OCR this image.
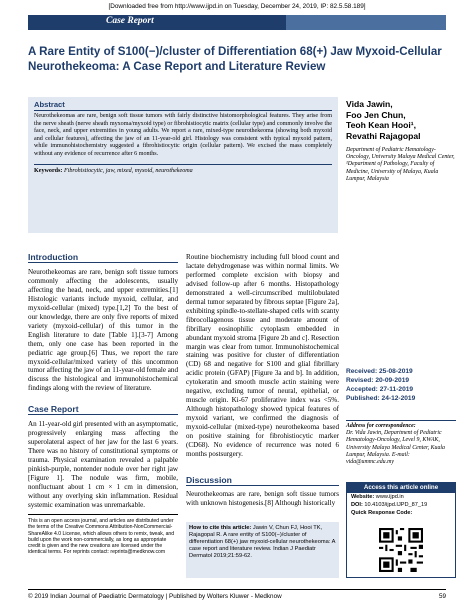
[Downloaded free from http://www.ijpd.in on Tuesday, December 24, 2019, IP: 82.5.58.189]
Case Report
A Rare Entity of S100(−)/cluster of Differentiation 68(+) Jaw Myxoid-Cellular Neurothekeoma: A Case Report and Literature Review
Abstract
Neurothekeomas are rare, benign soft tissue tumors with fairly distinctive histomorphological features. They arise from the nerve sheath (nerve sheath myxoma/myxoid type) or fibrohistiocytic matrix (cellular type) and commonly involve the face, neck, and upper extremities in young adults. We report a rare, mixed-type neurothekeoma (showing both myxoid and cellular features), affecting the jaw of an 11-year-old girl. Histology was consistent with typical myxoid pattern, while immunohistochemistry suggested a fibrohistiocytic origin (cellular pattern). We excised the mass completely without any evidence of recurrence after 6 months.
Keywords: Fibrohistiocytic, jaw, mixed, myxoid, neurothekeoma
Vida Jawin,
Foo Jen Chun,
Teoh Kean Hooi¹,
Revathi Rajagopal
Department of Pediatric Hematology-Oncology, University Malaya Medical Center, ¹Department of Pathology, Faculty of Medicine, University of Malaya, Kuala Lumpur, Malaysia
Received: 25-08-2019
Revised: 20-09-2019
Accepted: 27-11-2019
Published: 24-12-2019
Address for correspondence:
Dr. Vida Jawin, Department of Pediatric Hematology-Oncology, Level 9, KWAK, University Malaya Medical Center, Kuala Lumpur, Malaysia. E-mail: vida@ummc.edu.my
Access this article online
Website: www.ijpd.in
DOI: 10.4103/ijpd.IJPD_87_19
Quick Response Code:
Introduction
Neurothekeomas are rare, benign soft tissue tumors commonly affecting the adolescents, usually affecting the head, neck, and upper extremities.[1] Histologic variants include myxoid, cellular, and myxoid-cellular (mixed) type.[1,2] To the best of our knowledge, there are only five reports of mixed variety (myxoid-cellular) of this tumor in the English literature to date [Table 1].[3-7] Among them, only one case has been reported in the pediatric age group.[6] Thus, we report the rare myxoid-cellular/mixed variety of this uncommon tumor affecting the jaw of an 11-year-old female and discuss the histological and immunohistochemical findings along with the review of literature.
Case Report
An 11-year-old girl presented with an asymptomatic, progressively enlarging mass affecting the superolateral aspect of her jaw for the last 6 years. There was no history of constitutional symptoms or trauma. Physical examination revealed a palpable pinkish-purple, nontender nodule over her right jaw [Figure 1]. The nodule was firm, mobile, nonfluctuant about 1 cm × 1 cm in dimension, without any overlying skin inflammation. Residual systemic examination was unremarkable.
Routine biochemistry including full blood count and lactate dehydrogenase was within normal limits. We performed complete excision with biopsy and advised follow-up after 6 months. Histopathology demonstrated a well-circumscribed multilobulated dermal tumor separated by fibrous septae [Figure 2a], exhibiting spindle-to-stellate-shaped cells with scanty fibrocollagenous tissue and moderate amount of fibrillary eosinophilic cytoplasm embedded in abundant myxoid stroma [Figure 2b and c]. Resection margin was clear from tumor. Immunohistochemical staining was positive for cluster of differentiation (CD) 68 and negative for S100 and glial fibrillary acidic protein (GFAP) [Figure 3a and b]. In addition, cytokeratin and smooth muscle actin staining were negative, excluding tumor of neural, epithelial, or muscle origin. Ki-67 proliferative index was <5%. Although histopathology showed typical features of myxoid variant, we confirmed the diagnosis of myxoid-cellular (mixed-type) neurothekeoma based on positive staining for fibrohistiocytic marker (CD68). No evidence of recurrence was noted 6 months postsurgery.
Discussion
Neurothekeomas are rare, benign soft tissue tumors with unknown histogenesis.[8] Although historically
This is an open access journal, and articles are distributed under the terms of the Creative Commons Attribution-NonCommercial-ShareAlike 4.0 License, which allows others to remix, tweak, and build upon the work non-commercially, as long as appropriate credit is given and the new creations are licensed under the identical terms. For reprints contact: reprints@medknow.com
How to cite this article: Jawin V, Chun FJ, Hooi TK, Rajagopal R. A rare entity of S100(−)/cluster of differentiation 68(+) jaw myxoid-cellular neurothekeoma: A case report and literature review. Indian J Paediatr Dermatol 2019;21:59-62.
© 2019 Indian Journal of Paediatric Dermatology | Published by Wolters Kluwer - Medknow	59
